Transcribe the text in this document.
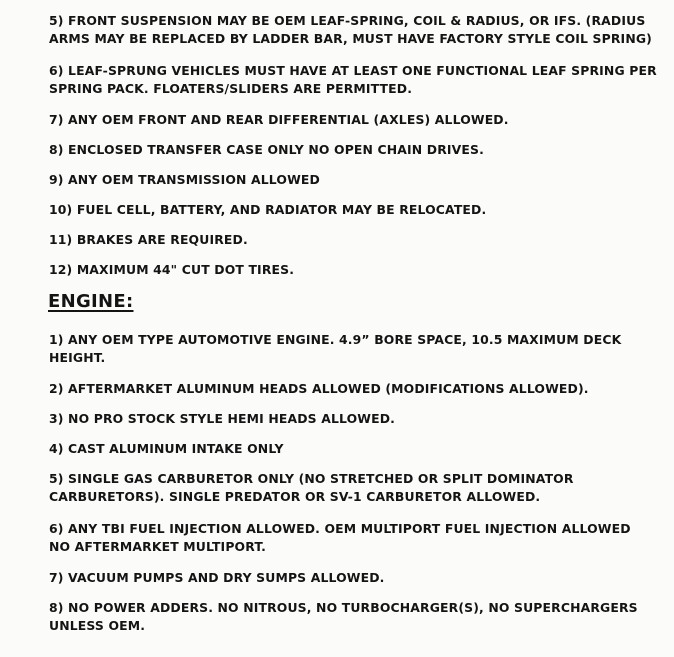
5) FRONT SUSPENSION MAY BE OEM LEAF-SPRING, COIL & RADIUS, OR IFS. (RADIUS
ARMS MAY BE REPLACED BY LADDER BAR, MUST HAVE FACTORY STYLE COIL SPRING)

6) LEAF-SPRUNG VEHICLES MUST HAVE AT LEAST ONE FUNCTIONAL LEAF SPRING PER
SPRING PACK. FLOATERS/SLIDERS ARE PERMITTED.

7) ANY OEM FRONT AND REAR DIFFERENTIAL (AXLES) ALLOWED.

8) ENCLOSED TRANSFER CASE ONLY NO OPEN CHAIN DRIVES.

9) ANY OEM TRANSMISSION ALLOWED

10) FUEL CELL, BATTERY, AND RADIATOR MAY BE RELOCATED.

11) BRAKES ARE REQUIRED.

12) MAXIMUM 44" CUT DOT TIRES.

ENGINE:

1) ANY OEM TYPE AUTOMOTIVE ENGINE. 4.9” BORE SPACE, 10.5 MAXIMUM DECK
HEIGHT.

2) AFTERMARKET ALUMINUM HEADS ALLOWED (MODIFICATIONS ALLOWED).

3) NO PRO STOCK STYLE HEMI HEADS ALLOWED.

4) CAST ALUMINUM INTAKE ONLY

5) SINGLE GAS CARBURETOR ONLY (NO STRETCHED OR SPLIT DOMINATOR
CARBURETORS). SINGLE PREDATOR OR SV-1 CARBURETOR ALLOWED.

6) ANY TBI FUEL INJECTION ALLOWED. OEM MULTIPORT FUEL INJECTION ALLOWED
NO AFTERMARKET MULTIPORT.

7) VACUUM PUMPS AND DRY SUMPS ALLOWED.

8) NO POWER ADDERS. NO NITROUS, NO TURBOCHARGER(S), NO SUPERCHARGERS
UNLESS OEM.
